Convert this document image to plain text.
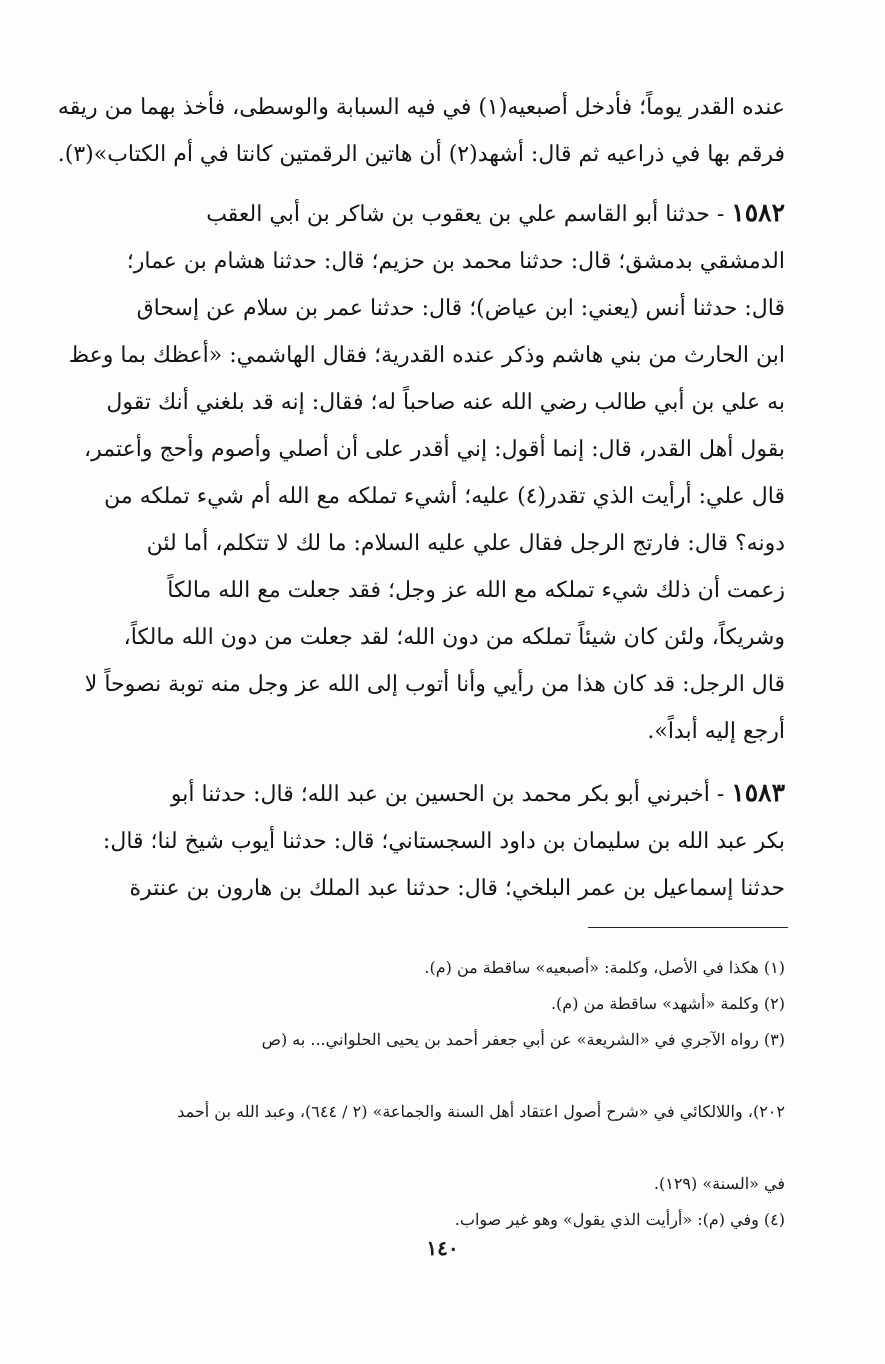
عنده القدر يوماً؛ فأدخل أصبعيه(١) في فيه السبابة والوسطى، فأخذ بهما من ريقه
فرقم بها في ذراعيه ثم قال: أشهد(٢) أن هاتين الرقمتين كانتا في أم الكتاب»(٣).

١٥٨٢ - حدثنا أبو القاسم علي بن يعقوب بن شاكر بن أبي العقب
الدمشقي بدمشق؛ قال: حدثنا محمد بن حزيم؛ قال: حدثنا هشام بن عمار؛
قال: حدثنا أنس (يعني: ابن عياض)؛ قال: حدثنا عمر بن سلام عن إسحاق
ابن الحارث من بني هاشم وذكر عنده القدرية؛ فقال الهاشمي: «أعظك بما وعظ
به علي بن أبي طالب رضي الله عنه صاحباً له؛ فقال: إنه قد بلغني أنك تقول
بقول أهل القدر، قال: إنما أقول: إني أقدر على أن أصلي وأصوم وأحج وأعتمر،
قال علي: أرأيت الذي تقدر(٤) عليه؛ أشيء تملكه مع الله أم شيء تملكه من
دونه؟ قال: فارتج الرجل فقال علي عليه السلام: ما لك لا تتكلم، أما لئن
زعمت أن ذلك شيء تملكه مع الله عز وجل؛ فقد جعلت مع الله مالكاً
وشريكاً، ولئن كان شيئاً تملكه من دون الله؛ لقد جعلت من دون الله مالكاً،
قال الرجل: قد كان هذا من رأيي وأنا أتوب إلى الله عز وجل منه توبة نصوحاً لا
أرجع إليه أبداً».

١٥٨٣ - أخبرني أبو بكر محمد بن الحسين بن عبد الله؛ قال: حدثنا أبو
بكر عبد الله بن سليمان بن داود السجستاني؛ قال: حدثنا أيوب شيخ لنا؛ قال:
حدثنا إسماعيل بن عمر البلخي؛ قال: حدثنا عبد الملك بن هارون بن عنترة

(١) هكذا في الأصل، وكلمة: «أصبعيه» ساقطة من (م).

(٢) وكلمة «أشهد» ساقطة من (م).

(٣) رواه الآجري في «الشريعة» عن أبي جعفر أحمد بن يحيى الحلواني... به (ص

٢٠٢)، واللالكائي في «شرح أصول اعتقاد أهل السنة والجماعة» (٢ / ٦٤٤)، وعبد الله بن أحمد

في «السنة» (١٢٩).

(٤) وفي (م): «أرأيت الذي يقول» وهو غير صواب.

١٤٠
